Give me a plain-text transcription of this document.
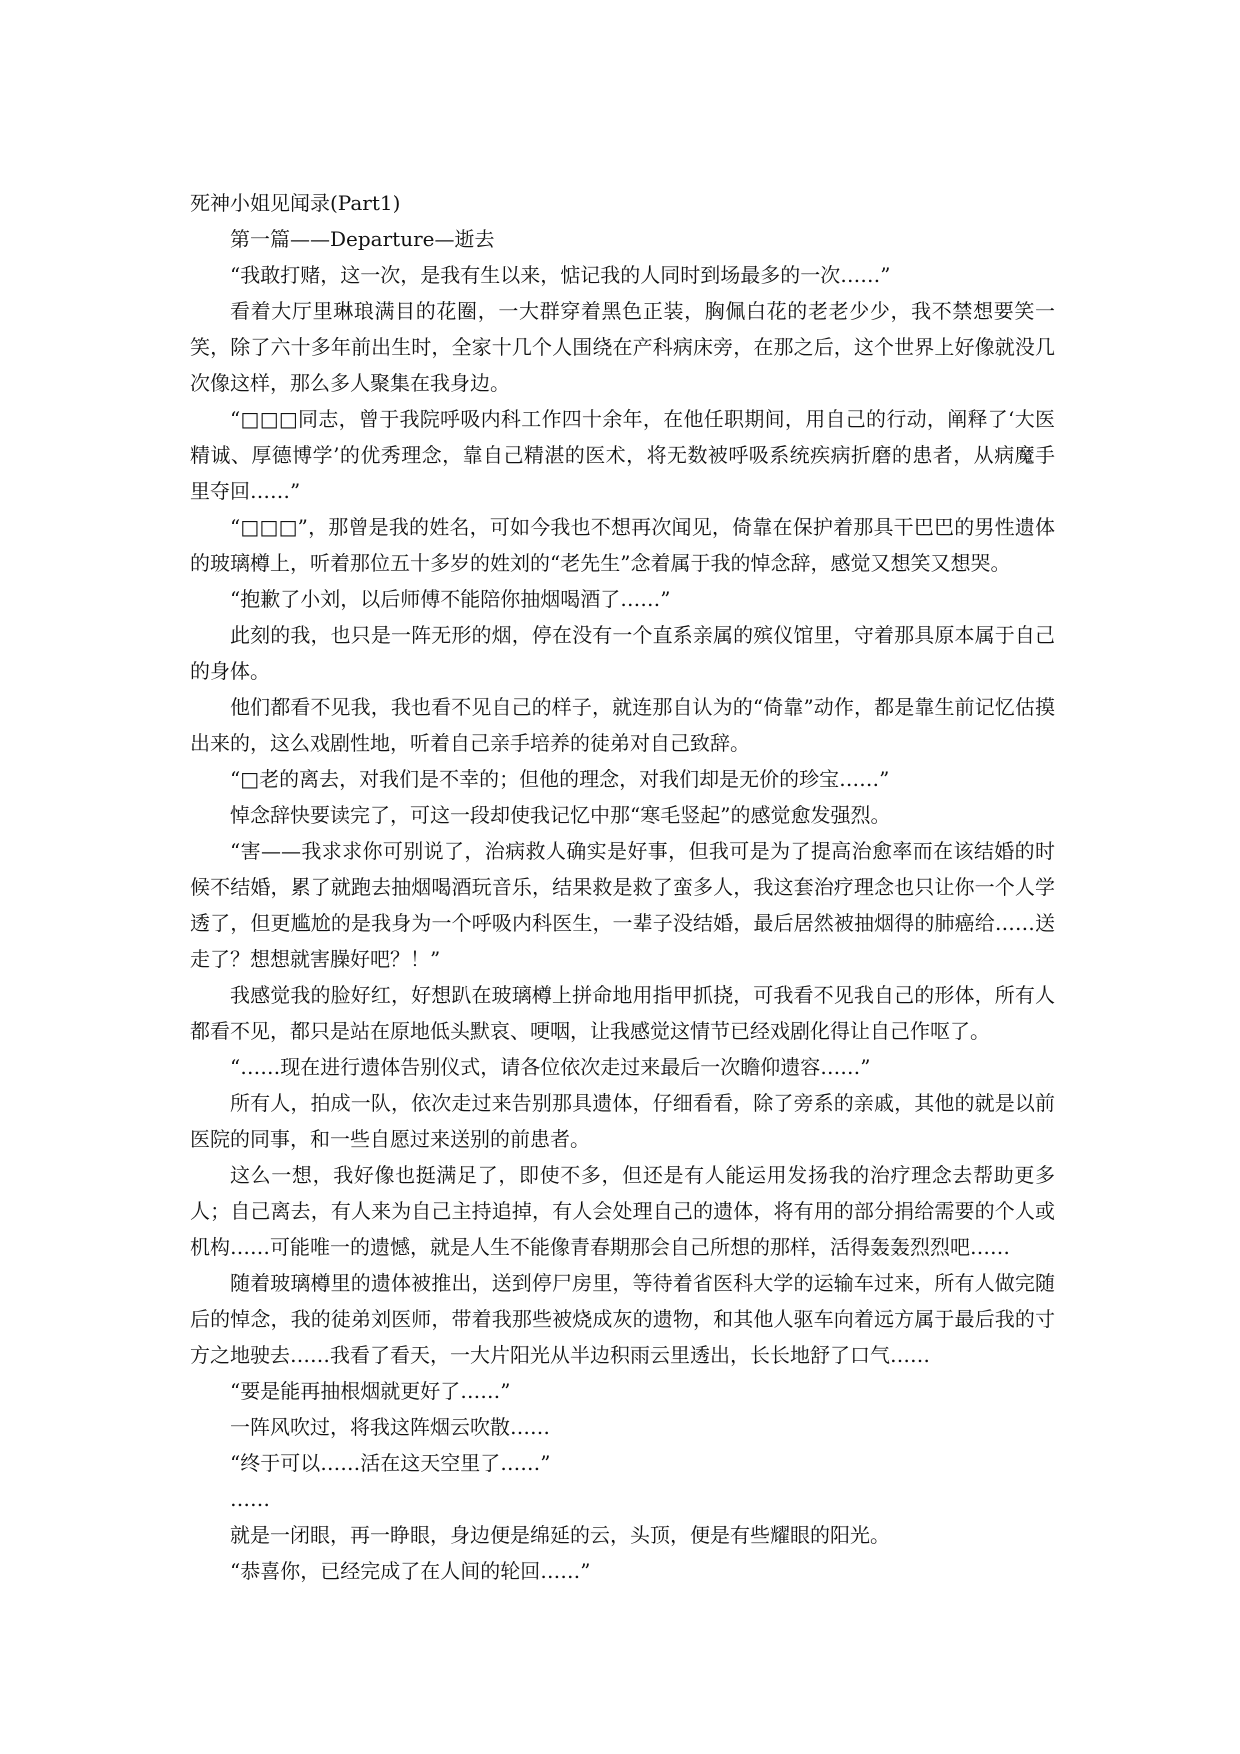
死神小姐见闻录(Part1)

第一篇——Departure—逝去

“我敢打赌，这一次，是我有生以来，惦记我的人同时到场最多的一次……”

看着大厅里琳琅满目的花圈，一大群穿着黑色正装，胸佩白花的老老少少，我不禁想要笑一笑，除了六十多年前出生时，全家十几个人围绕在产科病床旁，在那之后，这个世界上好像就没几次像这样，那么多人聚集在我身边。

“□□□同志，曾于我院呼吸内科工作四十余年，在他任职期间，用自己的行动，阐释了‘大医精诚、厚德博学’的优秀理念，靠自己精湛的医术，将无数被呼吸系统疾病折磨的患者，从病魔手里夺回……”

“□□□”，那曾是我的姓名，可如今我也不想再次闻见，倚靠在保护着那具干巴巴的男性遗体的玻璃樽上，听着那位五十多岁的姓刘的“老先生”念着属于我的悼念辞，感觉又想笑又想哭。

“抱歉了小刘，以后师傅不能陪你抽烟喝酒了……”

此刻的我，也只是一阵无形的烟，停在没有一个直系亲属的殡仪馆里，守着那具原本属于自己的身体。

他们都看不见我，我也看不见自己的样子，就连那自认为的“倚靠”动作，都是靠生前记忆估摸出来的，这么戏剧性地，听着自己亲手培养的徒弟对自己致辞。

“□老的离去，对我们是不幸的；但他的理念，对我们却是无价的珍宝……”

悼念辞快要读完了，可这一段却使我记忆中那“寒毛竖起”的感觉愈发强烈。

“害——我求求你可别说了，治病救人确实是好事，但我可是为了提高治愈率而在该结婚的时候不结婚，累了就跑去抽烟喝酒玩音乐，结果救是救了蛮多人，我这套治疗理念也只让你一个人学透了，但更尴尬的是我身为一个呼吸内科医生，一辈子没结婚，最后居然被抽烟得的肺癌给……送走了？想想就害臊好吧？！”

我感觉我的脸好红，好想趴在玻璃樽上拼命地用指甲抓挠，可我看不见我自己的形体，所有人都看不见，都只是站在原地低头默哀、哽咽，让我感觉这情节已经戏剧化得让自己作呕了。

“……现在进行遗体告别仪式，请各位依次走过来最后一次瞻仰遗容……”

所有人，拍成一队，依次走过来告别那具遗体，仔细看看，除了旁系的亲戚，其他的就是以前医院的同事，和一些自愿过来送别的前患者。

这么一想，我好像也挺满足了，即使不多，但还是有人能运用发扬我的治疗理念去帮助更多人；自己离去，有人来为自己主持追掉，有人会处理自己的遗体，将有用的部分捐给需要的个人或机构……可能唯一的遗憾，就是人生不能像青春期那会自己所想的那样，活得轰轰烈烈吧……

随着玻璃樽里的遗体被推出，送到停尸房里，等待着省医科大学的运输车过来，所有人做完随后的悼念，我的徒弟刘医师，带着我那些被烧成灰的遗物，和其他人驱车向着远方属于最后我的寸方之地驶去……我看了看天，一大片阳光从半边积雨云里透出，长长地舒了口气……

“要是能再抽根烟就更好了……”

一阵风吹过，将我这阵烟云吹散……

“终于可以……活在这天空里了……”

……

就是一闭眼，再一睁眼，身边便是绵延的云，头顶，便是有些耀眼的阳光。

“恭喜你，已经完成了在人间的轮回……”
